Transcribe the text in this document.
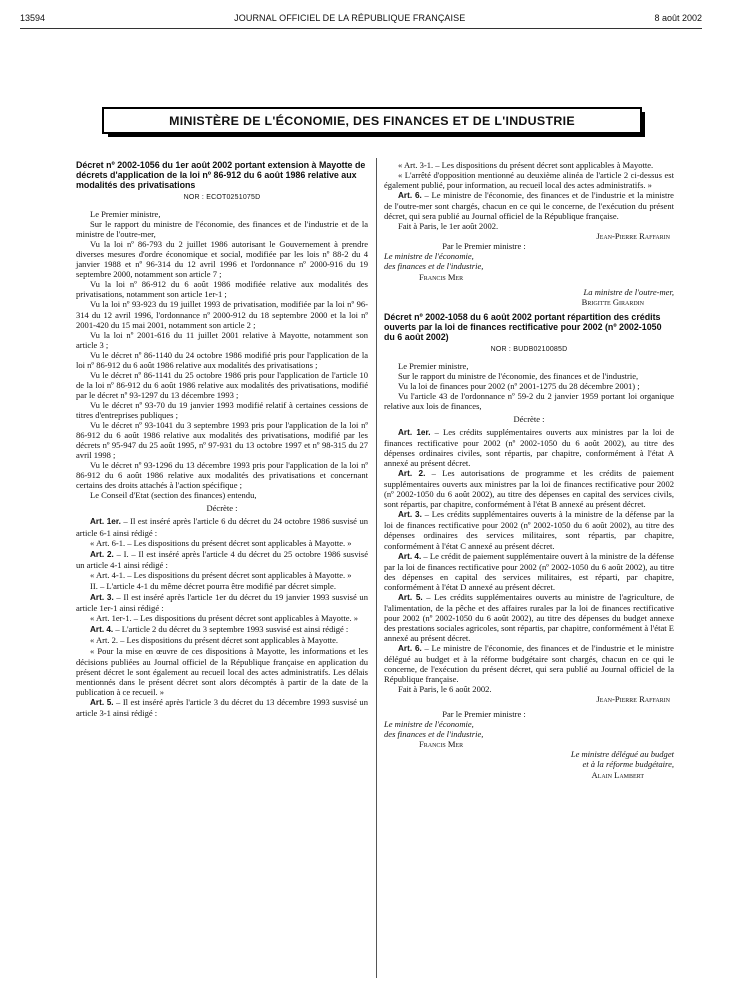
13594	JOURNAL OFFICIEL DE LA RÉPUBLIQUE FRANÇAISE	8 août 2002
MINISTÈRE DE L'ÉCONOMIE, DES FINANCES ET DE L'INDUSTRIE

Décret nº 2002-1056 du 1er août 2002 portant extension à Mayotte de décrets d'application de la loi nº 86-912 du 6 août 1986 relative aux modalités des privatisations

NOR : ECOT0251075D

Le Premier ministre,

Sur le rapport du ministre de l'économie, des finances et de l'industrie et de la ministre de l'outre-mer,

Vu la loi nº 86-793 du 2 juillet 1986 autorisant le Gouvernement à prendre diverses mesures d'ordre économique et social, modifiée par les lois nº 88-2 du 4 janvier 1988 et nº 96-314 du 12 avril 1996 et l'ordonnance nº 2000-916 du 19 septembre 2000, notamment son article 7 ;

Vu la loi nº 86-912 du 6 août 1986 modifiée relative aux modalités des privatisations, notamment son article 1er-1 ;

Vu la loi nº 93-923 du 19 juillet 1993 de privatisation, modifiée par la loi nº 96-314 du 12 avril 1996, l'ordonnance nº 2000-912 du 18 septembre 2000 et la loi nº 2001-420 du 15 mai 2001, notamment son article 2 ;

Vu la loi nº 2001-616 du 11 juillet 2001 relative à Mayotte, notamment son article 3 ;

Vu le décret nº 86-1140 du 24 octobre 1986 modifié pris pour l'application de la loi nº 86-912 du 6 août 1986 relative aux modalités des privatisations ;

Vu le décret nº 86-1141 du 25 octobre 1986 pris pour l'application de l'article 10 de la loi nº 86-912 du 6 août 1986 relative aux modalités des privatisations, modifié par le décret nº 93-1297 du 13 décembre 1993 ;

Vu le décret nº 93-70 du 19 janvier 1993 modifié relatif à certaines cessions de titres d'entreprises publiques ;

Vu le décret nº 93-1041 du 3 septembre 1993 pris pour l'application de la loi nº 86-912 du 6 août 1986 relative aux modalités des privatisations, modifié par les décrets nº 95-947 du 25 août 1995, nº 97-931 du 13 octobre 1997 et nº 98-315 du 27 avril 1998 ;

Vu le décret nº 93-1296 du 13 décembre 1993 pris pour l'application de la loi nº 86-912 du 6 août 1986 relative aux modalités des privatisations et concernant certains des droits attachés à l'action spécifique ;

Le Conseil d'Etat (section des finances) entendu,

Décrète :

Art. 1er. – Il est inséré après l'article 6 du décret du 24 octobre 1986 susvisé un article 6-1 ainsi rédigé :

« Art. 6-1. – Les dispositions du présent décret sont applicables à Mayotte. »

Art. 2. – I. – Il est inséré après l'article 4 du décret du 25 octobre 1986 susvisé un article 4-1 ainsi rédigé :

« Art. 4-1. – Les dispositions du présent décret sont applicables à Mayotte. »

II. – L'article 4-1 du même décret pourra être modifié par décret simple.

Art. 3. – Il est inséré après l'article 1er du décret du 19 janvier 1993 susvisé un article 1er-1 ainsi rédigé :

« Art. 1er-1. – Les dispositions du présent décret sont applicables à Mayotte. »

Art. 4. – L'article 2 du décret du 3 septembre 1993 susvisé est ainsi rédigé :

« Art. 2. – Les dispositions du présent décret sont applicables à Mayotte.

« Pour la mise en œuvre de ces dispositions à Mayotte, les informations et les décisions publiées au Journal officiel de la République française en application du présent décret le sont également au recueil local des actes administratifs. Les délais mentionnés dans le présent décret sont alors décomptés à partir de la date de la publication à ce recueil. »

Art. 5. – Il est inséré après l'article 3 du décret du 13 décembre 1993 susvisé un article 3-1 ainsi rédigé :

« Art. 3-1. – Les dispositions du présent décret sont applicables à Mayotte.

« L'arrêté d'opposition mentionné au deuxième alinéa de l'article 2 ci-dessus est également publié, pour information, au recueil local des actes administratifs. »

Art. 6. – Le ministre de l'économie, des finances et de l'industrie et la ministre de l'outre-mer sont chargés, chacun en ce qui le concerne, de l'exécution du présent décret, qui sera publié au Journal officiel de la République française.

Fait à Paris, le 1er août 2002.

Jean-Pierre Raffarin

Par le Premier ministre :

Le ministre de l'économie,

des finances et de l'industrie,

Francis Mer

La ministre de l'outre-mer,

Brigitte Girardin

Décret nº 2002-1058 du 6 août 2002 portant répartition des crédits ouverts par la loi de finances rectificative pour 2002 (nº 2002-1050 du 6 août 2002)

NOR : BUDB0210085D

Le Premier ministre,

Sur le rapport du ministre de l'économie, des finances et de l'industrie,

Vu la loi de finances pour 2002 (nº 2001-1275 du 28 décembre 2001) ;

Vu l'article 43 de l'ordonnance nº 59-2 du 2 janvier 1959 portant loi organique relative aux lois de finances,

Décrète :

Art. 1er. – Les crédits supplémentaires ouverts aux ministres par la loi de finances rectificative pour 2002 (nº 2002-1050 du 6 août 2002), au titre des dépenses ordinaires civiles, sont répartis, par chapitre, conformément à l'état A annexé au présent décret.

Art. 2. – Les autorisations de programme et les crédits de paiement supplémentaires ouverts aux ministres par la loi de finances rectificative pour 2002 (nº 2002-1050 du 6 août 2002), au titre des dépenses en capital des services civils, sont répartis, par chapitre, conformément à l'état B annexé au présent décret.

Art. 3. – Les crédits supplémentaires ouverts à la ministre de la défense par la loi de finances rectificative pour 2002 (nº 2002-1050 du 6 août 2002), au titre des dépenses ordinaires des services militaires, sont répartis, par chapitre, conformément à l'état C annexé au présent décret.

Art. 4. – Le crédit de paiement supplémentaire ouvert à la ministre de la défense par la loi de finances rectificative pour 2002 (nº 2002-1050 du 6 août 2002), au titre des dépenses en capital des services militaires, est réparti, par chapitre, conformément à l'état D annexé au présent décret.

Art. 5. – Les crédits supplémentaires ouverts au ministre de l'agriculture, de l'alimentation, de la pêche et des affaires rurales par la loi de finances rectificative pour 2002 (nº 2002-1050 du 6 août 2002), au titre des dépenses du budget annexe des prestations sociales agricoles, sont répartis, par chapitre, conformément à l'état E annexé au présent décret.

Art. 6. – Le ministre de l'économie, des finances et de l'industrie et le ministre délégué au budget et à la réforme budgétaire sont chargés, chacun en ce qui le concerne, de l'exécution du présent décret, qui sera publié au Journal officiel de la République française.

Fait à Paris, le 6 août 2002.

Jean-Pierre Raffarin

Par le Premier ministre :

Le ministre de l'économie,

des finances et de l'industrie,

Francis Mer

Le ministre délégué au budget

et à la réforme budgétaire,

Alain Lambert
